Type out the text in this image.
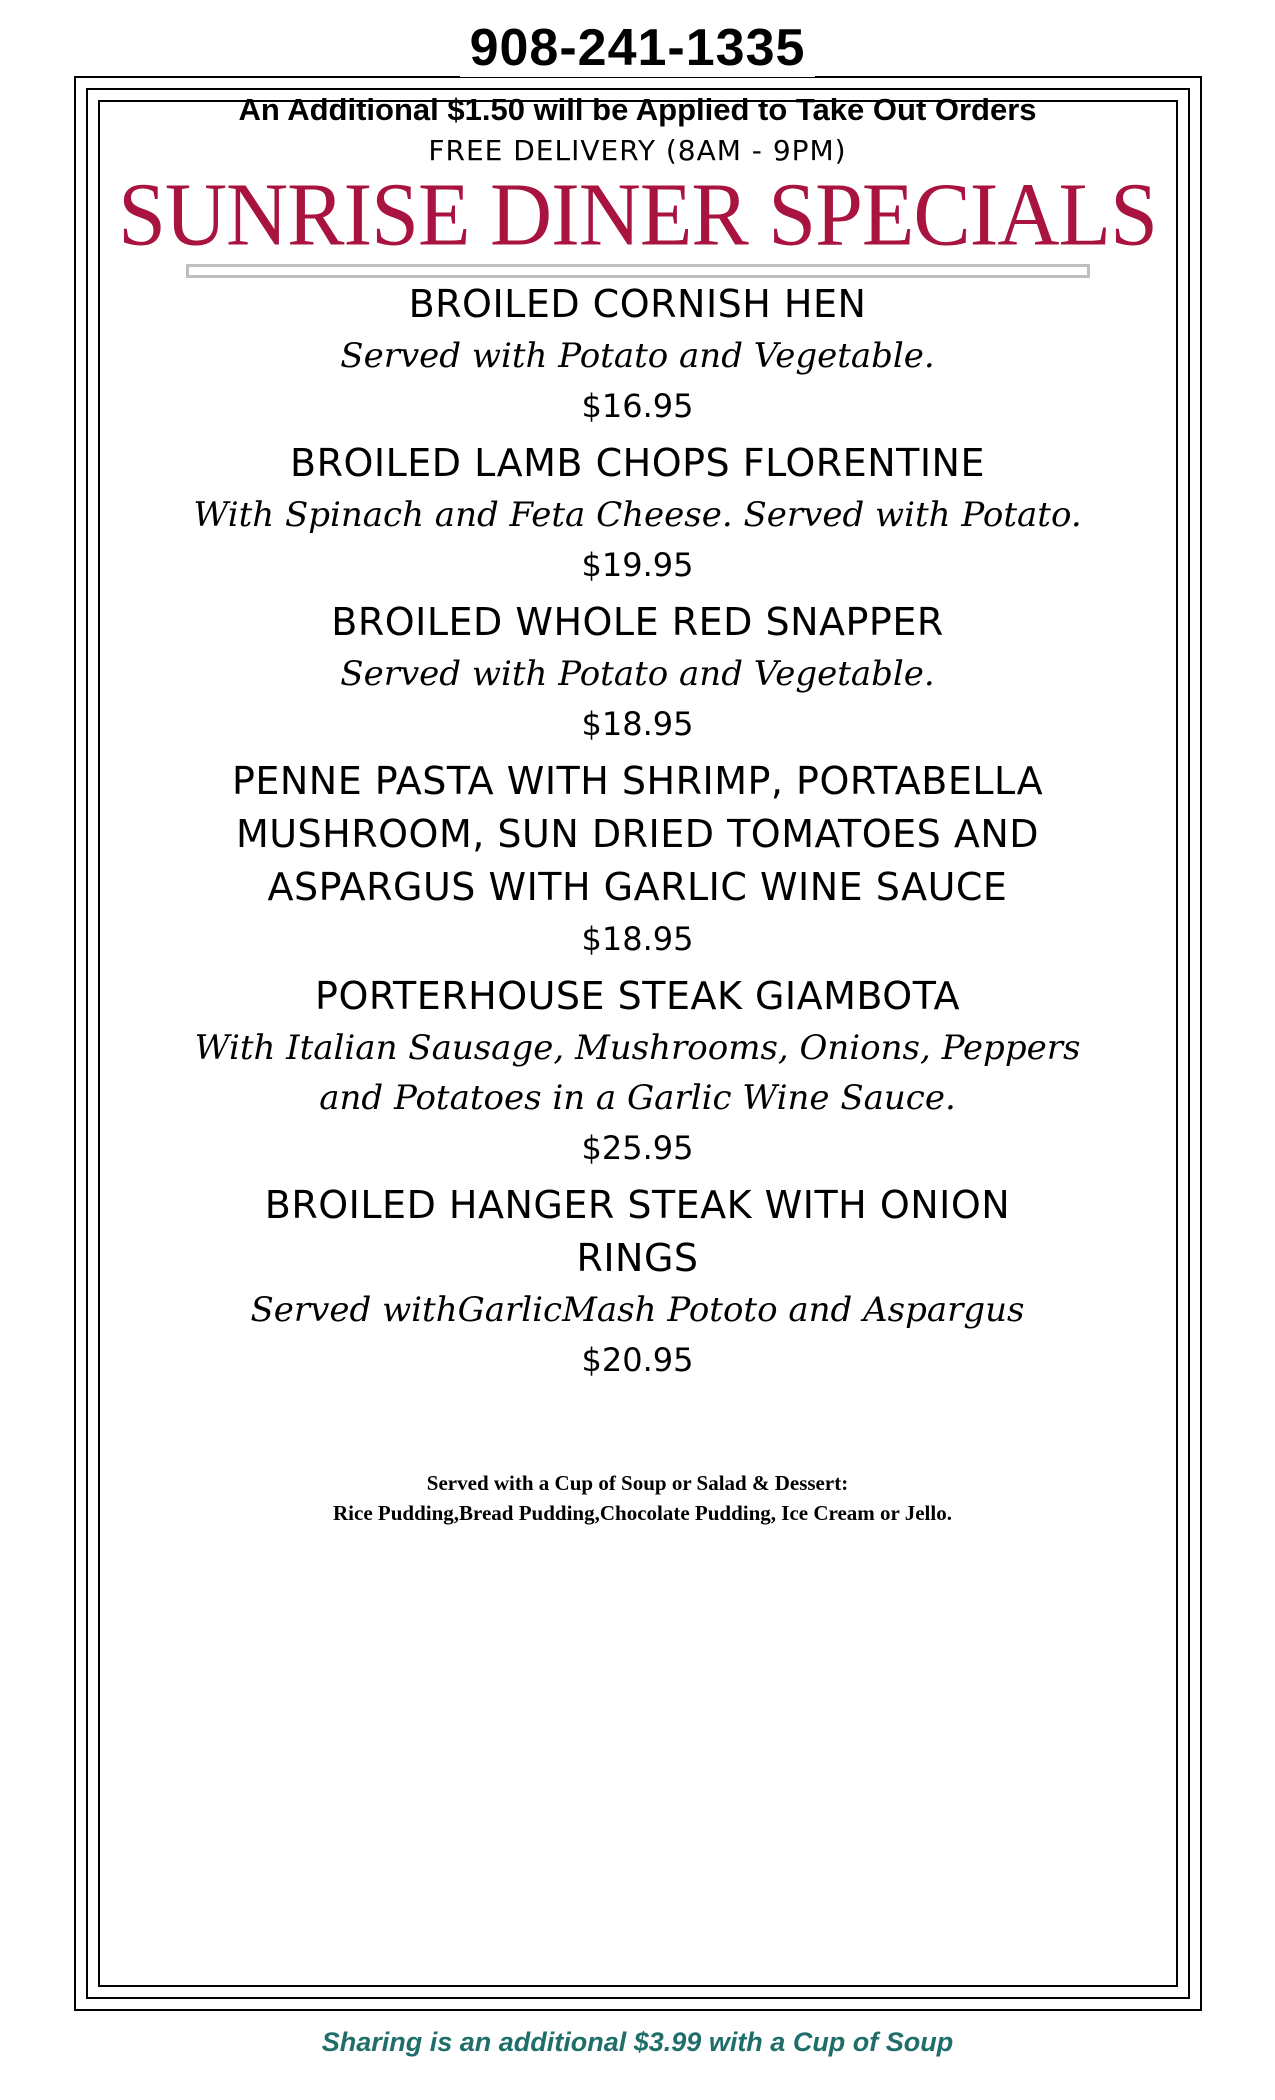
908-241-1335
An Additional $1.50 will be Applied to Take Out Orders
FREE DELIVERY (8AM - 9PM)
SUNRISE DINER SPECIALS
BROILED CORNISH HEN
Served with Potato and Vegetable.
$16.95
BROILED LAMB CHOPS FLORENTINE
With Spinach and Feta Cheese. Served with Potato.
$19.95
BROILED WHOLE RED SNAPPER
Served with Potato and Vegetable.
$18.95
PENNE PASTA WITH SHRIMP, PORTABELLA
MUSHROOM, SUN DRIED TOMATOES AND
ASPARGUS WITH GARLIC WINE SAUCE
$18.95
PORTERHOUSE STEAK GIAMBOTA
With Italian Sausage, Mushrooms, Onions, Peppers
and Potatoes in a Garlic Wine Sauce.
$25.95
BROILED HANGER STEAK WITH ONION
RINGS
Served withGarlicMash Pototo and Aspargus
$20.95
Served with a Cup of Soup or Salad & Dessert:
Rice Pudding,Bread Pudding,Chocolate Pudding, Ice Cream or Jello.
Sharing is an additional $3.99 with a Cup of Soup
